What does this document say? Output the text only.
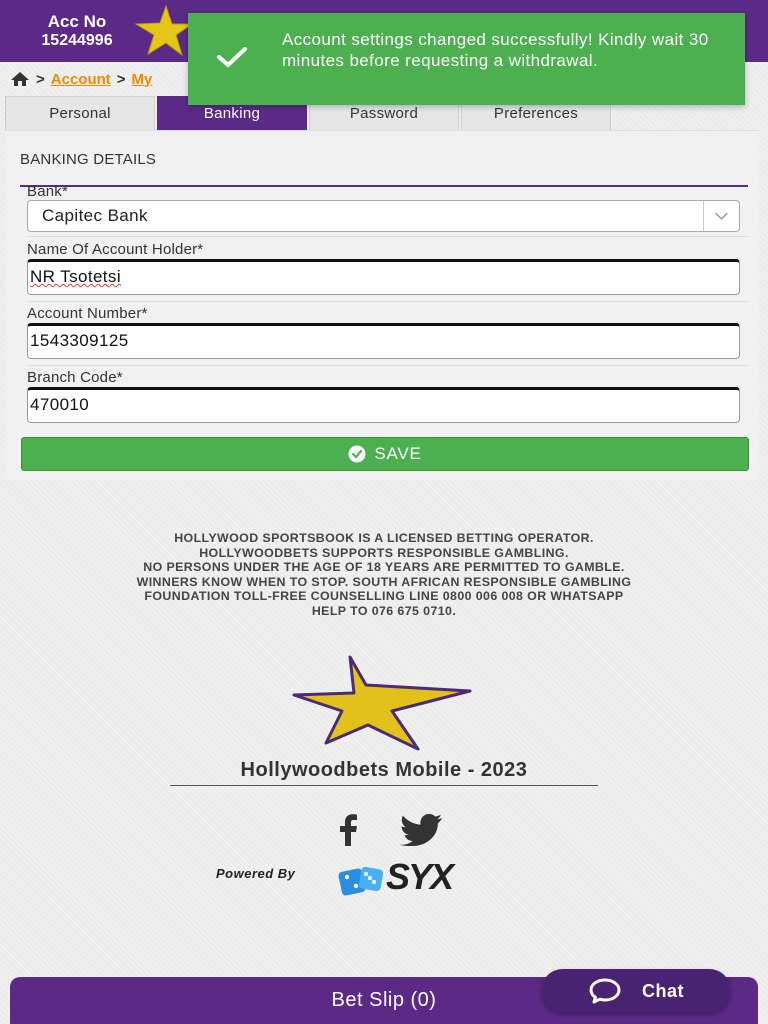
Acc No
15244996	Account settings changed successfully! Kindly wait 30 minutes before requesting a withdrawal.
> Account > My
Personal	Banking	Password	Preferences
BANKING DETAILS
Bank*
Capitec Bank
Name Of Account Holder*
NR Tsotetsi
Account Number*
1543309125
Branch Code*
470010
SAVE
HOLLYWOOD SPORTSBOOK IS A LICENSED BETTING OPERATOR.
HOLLYWOODBETS SUPPORTS RESPONSIBLE GAMBLING.
NO PERSONS UNDER THE AGE OF 18 YEARS ARE PERMITTED TO GAMBLE.
WINNERS KNOW WHEN TO STOP. SOUTH AFRICAN RESPONSIBLE GAMBLING
FOUNDATION TOLL-FREE COUNSELLING LINE 0800 006 008 OR WHATSAPP
HELP TO 076 675 0710.
Hollywoodbets Mobile - 2023
Powered By	SYX
Bet Slip (0)	Chat
